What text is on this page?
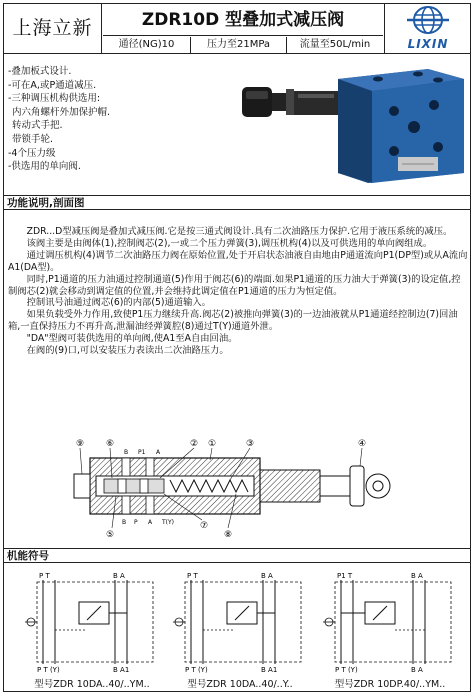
上海立新	ZDR10D 型叠加式减压阀
通径(NG)10	压力至21MPa	流量至50L/min	LIXIN
-叠加板式设计.
-可在A,或P通道减压.
-三种调压机构供选用:
内六角螺杆外加保护帽.
转动式手把.
带锁手轮.
-4个压力级
-供选用的单向阀.
功能说明,剖面图

　　ZDR...D型减压阀是叠加式减压阀.它是按三通式阀设计.具有二次油路压力保护.它用于液压系统的减压。

　　该阀主要是由阀体(1),控制阀芯(2),一或二个压力弹簧(3),调压机构(4)以及可供选用的单向阀组成。

　　通过调压机构(4)调节二次油路压力阀在原始位置,处于开启状态油液自由地由P通道流向P1(DP型)或从A流向A1(DA型)。

　　同时,P1通道的压力油通过控制通道(5)作用于阀芯(6)的端面.如果P1通道的压力油大于弹簧(3)的设定值,控制阀芯(2)就会移动到调定值的位置,并会维持此调定值在P1通道的压力为恒定值。

　　控制讯号油通过阀芯(6)的内部(5)通道输入。

　　如果负载受外力作用,致使P1压力继续升高.阀芯(2)被推向弹簧(3)的一边油液就从P1通道经控制边(7)回油箱,一直保持压力不再升高,泄漏油经弹簧腔(8)通过T(Y)通道外泄。

　　"DA"型阀可装供选用的单向阀,使A1至A自由回油。

　　在阀的(9)口,可以安装压力表读出二次油路压力。

⑨ ⑥	② ①	③	④
B P1 A
B P A T(Y)
⑤
⑦
⑧
机能符号
P T	B A
P T (Y)	B A1
型号ZDR 10DA..40/..YM..
P T	B A
P T (Y)	B A1
型号ZDR 10DA..40/..Y..
P1 T	B A
P T (Y)	B A
型号ZDR 10DP.40/..YM..
